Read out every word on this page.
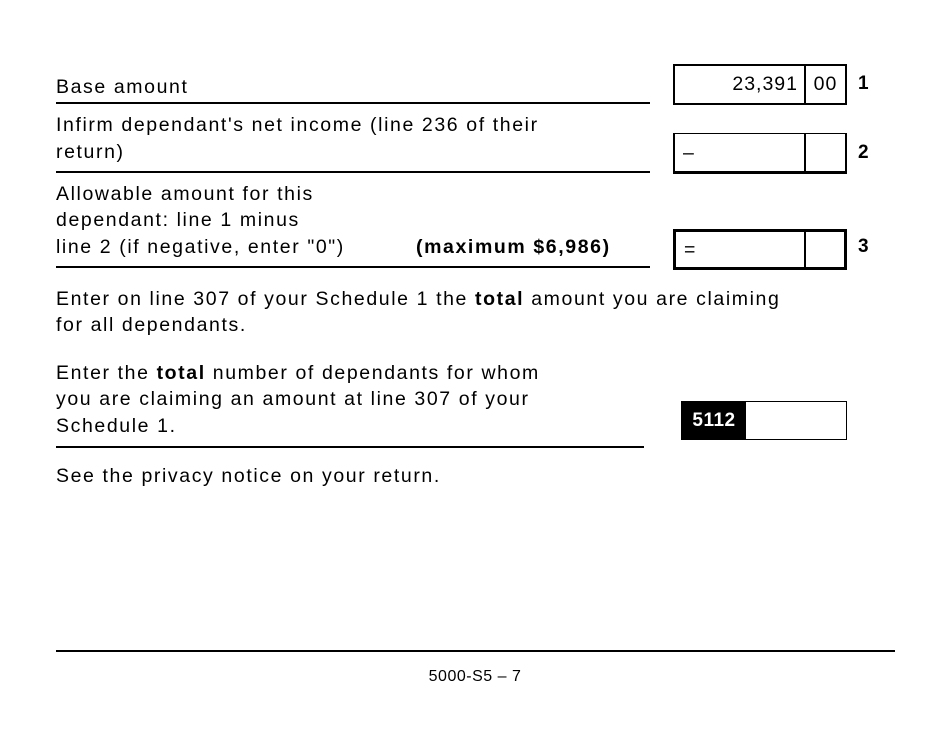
Base amount	23,391 00	1
Infirm dependant's net income (line 236 of their
return)	–	2
Allowable amount for this
dependant: line 1 minus
line 2 (if negative, enter "0")	(maximum $6,986)	=	3
Enter on line 307 of your Schedule 1 the total amount you are claiming
for all dependants.
Enter the total number of dependants for whom
you are claiming an amount at line 307 of your
Schedule 1.	5112
See the privacy notice on your return.
5000-S5 – 7
